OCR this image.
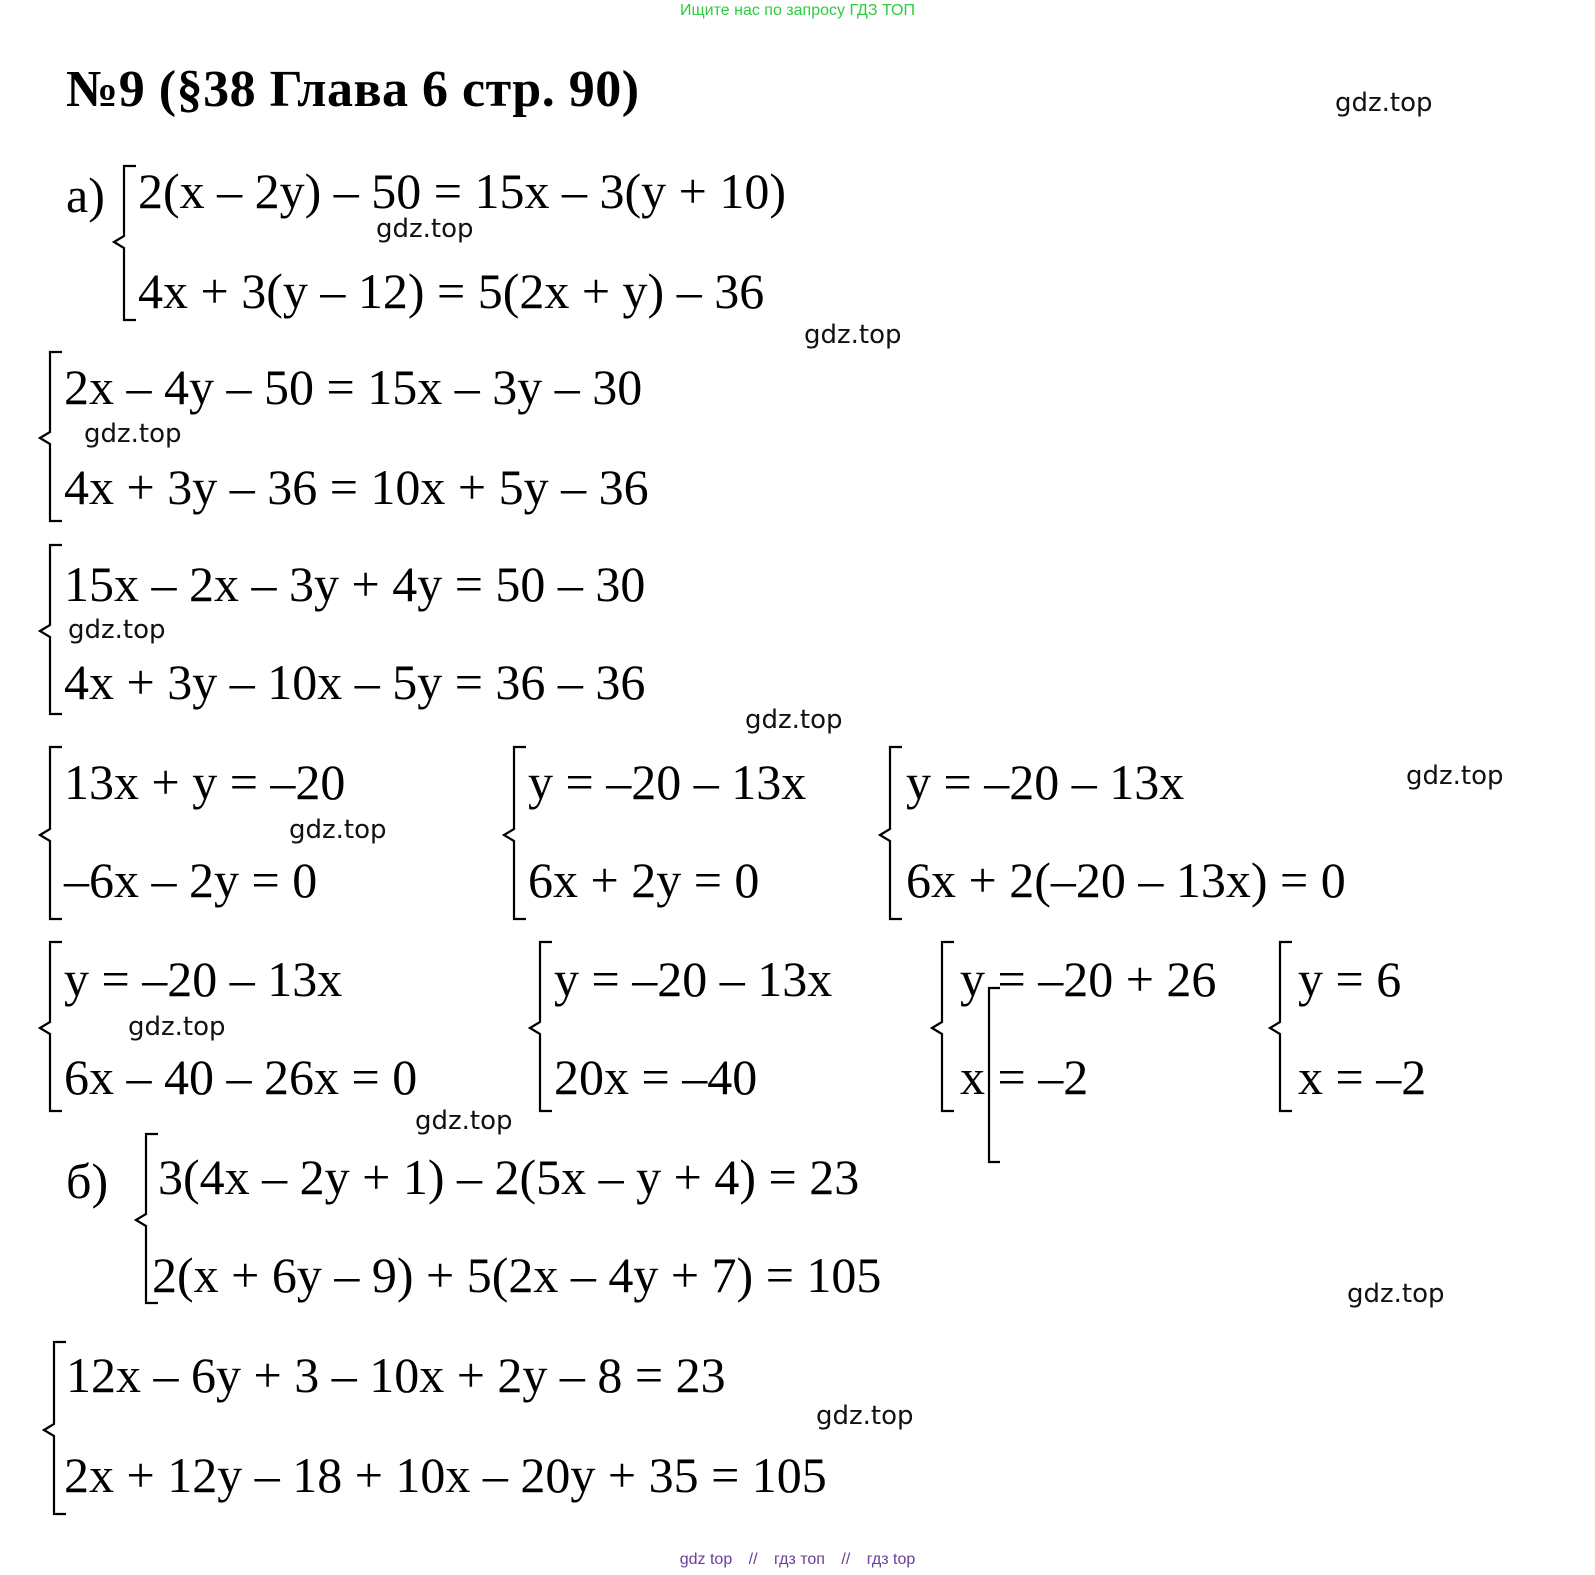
Ищите нас по запросу ГДЗ ТОП
№9 (§38 Глава 6 стр. 90)	gdz.top
gdz.top
gdz.top
gdz.top
gdz.top
gdz.top
gdz.top
gdz.top
gdz.top
gdz.top
gdz.top
gdz.top
а)
б)
2(x – 2y) – 50 = 15x – 3(y + 10)
4x + 3(y – 12) = 5(2x + y) – 36
2x – 4y – 50 = 15x – 3y – 30
4x + 3y – 36 = 10x + 5y – 36
15x – 2x – 3y + 4y = 50 – 30
4x + 3y – 10x – 5y = 36 – 36
13x + y = –20
–6x – 2y = 0
y = –20 – 13x
6x + 2y = 0
y = –20 – 13x
6x + 2(–20 – 13x) = 0
y = –20 – 13x
6x – 40 – 26x = 0
y = –20 – 13x
20x = –40
y = –20 + 26
x = –2
y = 6
x = –2
3(4x – 2y + 1) – 2(5x – y + 4) = 23
2(x + 6y – 9) + 5(2x – 4y + 7) = 105
12x – 6y + 3 – 10x + 2y – 8 = 23
2x + 12y – 18 + 10x – 20y + 35 = 105
gdz top // гдз топ // гдз top
